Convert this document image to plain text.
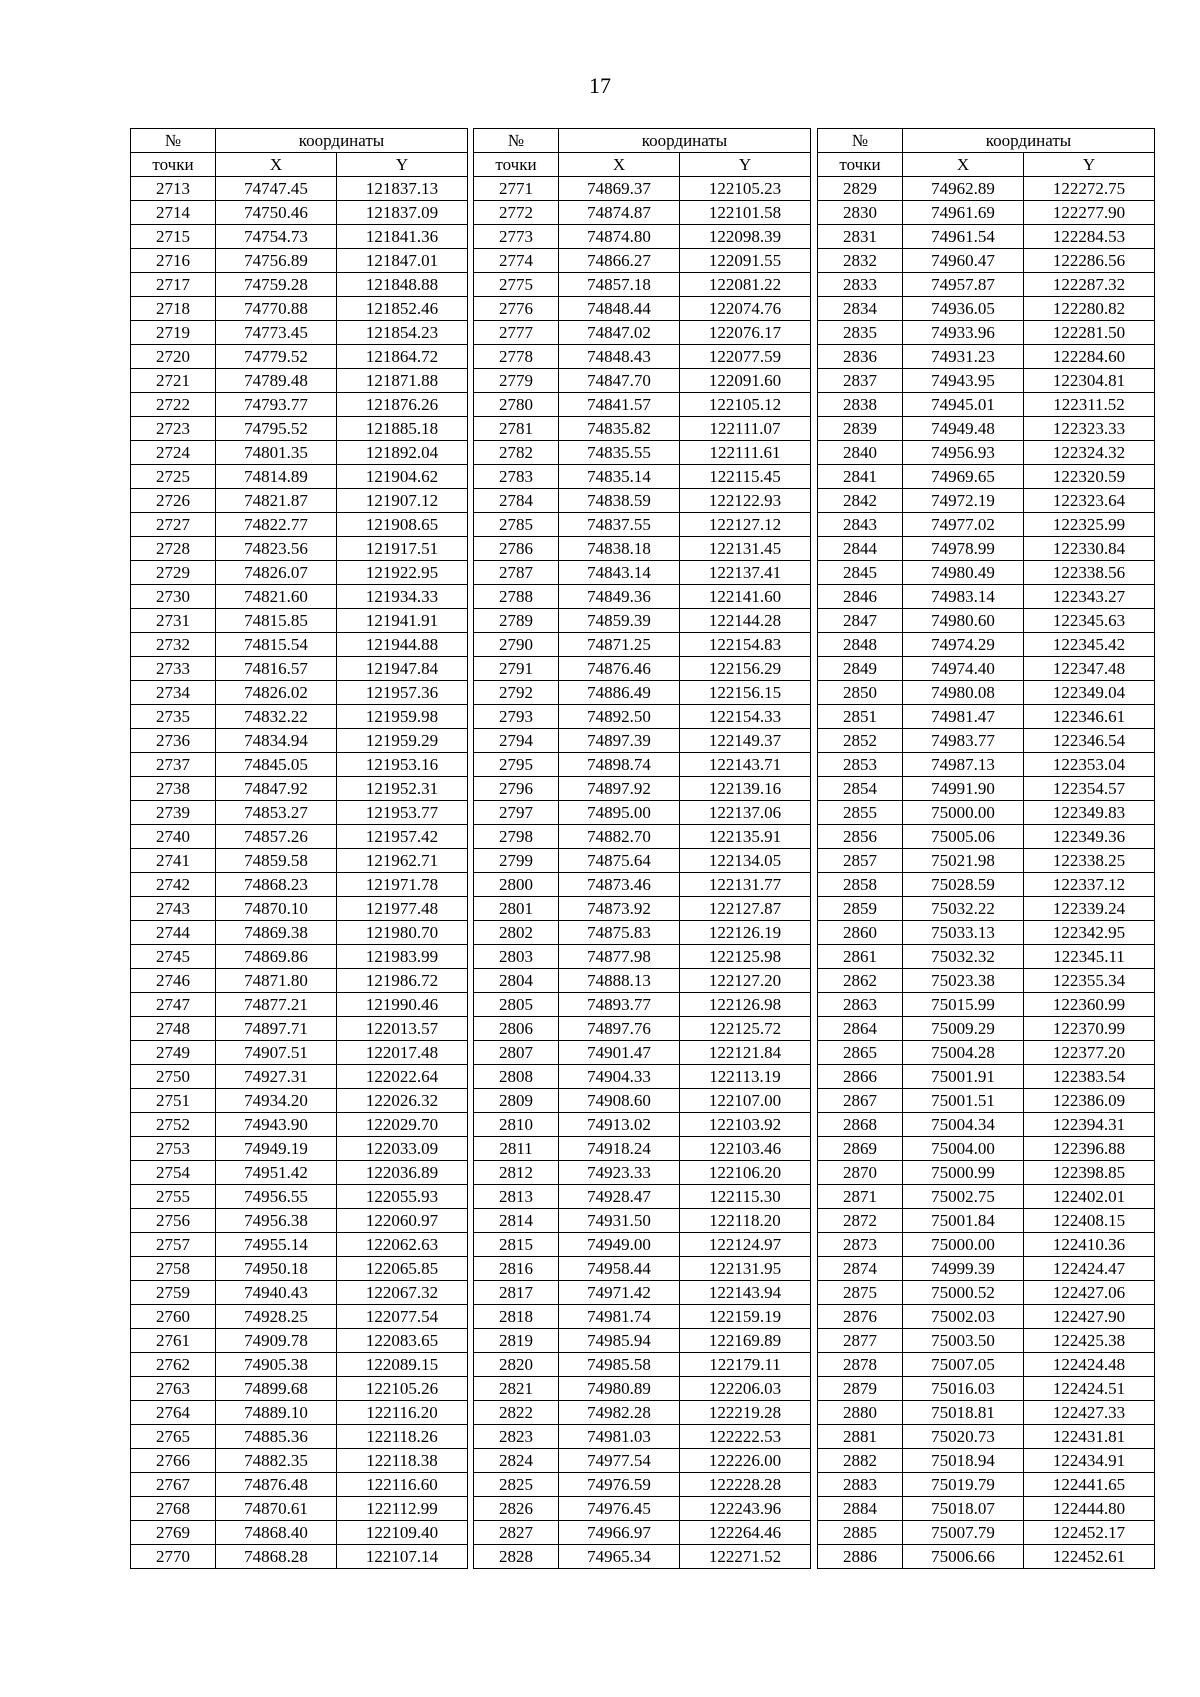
17
№	координаты	
точки	X	Y
2713	74747.45	121837.13
2714	74750.46	121837.09
2715	74754.73	121841.36
2716	74756.89	121847.01
2717	74759.28	121848.88
2718	74770.88	121852.46
2719	74773.45	121854.23
2720	74779.52	121864.72
2721	74789.48	121871.88
2722	74793.77	121876.26
2723	74795.52	121885.18
2724	74801.35	121892.04
2725	74814.89	121904.62
2726	74821.87	121907.12
2727	74822.77	121908.65
2728	74823.56	121917.51
2729	74826.07	121922.95
2730	74821.60	121934.33
2731	74815.85	121941.91
2732	74815.54	121944.88
2733	74816.57	121947.84
2734	74826.02	121957.36
2735	74832.22	121959.98
2736	74834.94	121959.29
2737	74845.05	121953.16
2738	74847.92	121952.31
2739	74853.27	121953.77
2740	74857.26	121957.42
2741	74859.58	121962.71
2742	74868.23	121971.78
2743	74870.10	121977.48
2744	74869.38	121980.70
2745	74869.86	121983.99
2746	74871.80	121986.72
2747	74877.21	121990.46
2748	74897.71	122013.57
2749	74907.51	122017.48
2750	74927.31	122022.64
2751	74934.20	122026.32
2752	74943.90	122029.70
2753	74949.19	122033.09
2754	74951.42	122036.89
2755	74956.55	122055.93
2756	74956.38	122060.97
2757	74955.14	122062.63
2758	74950.18	122065.85
2759	74940.43	122067.32
2760	74928.25	122077.54
2761	74909.78	122083.65
2762	74905.38	122089.15
2763	74899.68	122105.26
2764	74889.10	122116.20
2765	74885.36	122118.26
2766	74882.35	122118.38
2767	74876.48	122116.60
2768	74870.61	122112.99
2769	74868.40	122109.40
2770	74868.28	122107.14
№	координаты	
точки	X	Y
2771	74869.37	122105.23
2772	74874.87	122101.58
2773	74874.80	122098.39
2774	74866.27	122091.55
2775	74857.18	122081.22
2776	74848.44	122074.76
2777	74847.02	122076.17
2778	74848.43	122077.59
2779	74847.70	122091.60
2780	74841.57	122105.12
2781	74835.82	122111.07
2782	74835.55	122111.61
2783	74835.14	122115.45
2784	74838.59	122122.93
2785	74837.55	122127.12
2786	74838.18	122131.45
2787	74843.14	122137.41
2788	74849.36	122141.60
2789	74859.39	122144.28
2790	74871.25	122154.83
2791	74876.46	122156.29
2792	74886.49	122156.15
2793	74892.50	122154.33
2794	74897.39	122149.37
2795	74898.74	122143.71
2796	74897.92	122139.16
2797	74895.00	122137.06
2798	74882.70	122135.91
2799	74875.64	122134.05
2800	74873.46	122131.77
2801	74873.92	122127.87
2802	74875.83	122126.19
2803	74877.98	122125.98
2804	74888.13	122127.20
2805	74893.77	122126.98
2806	74897.76	122125.72
2807	74901.47	122121.84
2808	74904.33	122113.19
2809	74908.60	122107.00
2810	74913.02	122103.92
2811	74918.24	122103.46
2812	74923.33	122106.20
2813	74928.47	122115.30
2814	74931.50	122118.20
2815	74949.00	122124.97
2816	74958.44	122131.95
2817	74971.42	122143.94
2818	74981.74	122159.19
2819	74985.94	122169.89
2820	74985.58	122179.11
2821	74980.89	122206.03
2822	74982.28	122219.28
2823	74981.03	122222.53
2824	74977.54	122226.00
2825	74976.59	122228.28
2826	74976.45	122243.96
2827	74966.97	122264.46
2828	74965.34	122271.52
№	координаты	
точки	X	Y
2829	74962.89	122272.75
2830	74961.69	122277.90
2831	74961.54	122284.53
2832	74960.47	122286.56
2833	74957.87	122287.32
2834	74936.05	122280.82
2835	74933.96	122281.50
2836	74931.23	122284.60
2837	74943.95	122304.81
2838	74945.01	122311.52
2839	74949.48	122323.33
2840	74956.93	122324.32
2841	74969.65	122320.59
2842	74972.19	122323.64
2843	74977.02	122325.99
2844	74978.99	122330.84
2845	74980.49	122338.56
2846	74983.14	122343.27
2847	74980.60	122345.63
2848	74974.29	122345.42
2849	74974.40	122347.48
2850	74980.08	122349.04
2851	74981.47	122346.61
2852	74983.77	122346.54
2853	74987.13	122353.04
2854	74991.90	122354.57
2855	75000.00	122349.83
2856	75005.06	122349.36
2857	75021.98	122338.25
2858	75028.59	122337.12
2859	75032.22	122339.24
2860	75033.13	122342.95
2861	75032.32	122345.11
2862	75023.38	122355.34
2863	75015.99	122360.99
2864	75009.29	122370.99
2865	75004.28	122377.20
2866	75001.91	122383.54
2867	75001.51	122386.09
2868	75004.34	122394.31
2869	75004.00	122396.88
2870	75000.99	122398.85
2871	75002.75	122402.01
2872	75001.84	122408.15
2873	75000.00	122410.36
2874	74999.39	122424.47
2875	75000.52	122427.06
2876	75002.03	122427.90
2877	75003.50	122425.38
2878	75007.05	122424.48
2879	75016.03	122424.51
2880	75018.81	122427.33
2881	75020.73	122431.81
2882	75018.94	122434.91
2883	75019.79	122441.65
2884	75018.07	122444.80
2885	75007.79	122452.17
2886	75006.66	122452.61
